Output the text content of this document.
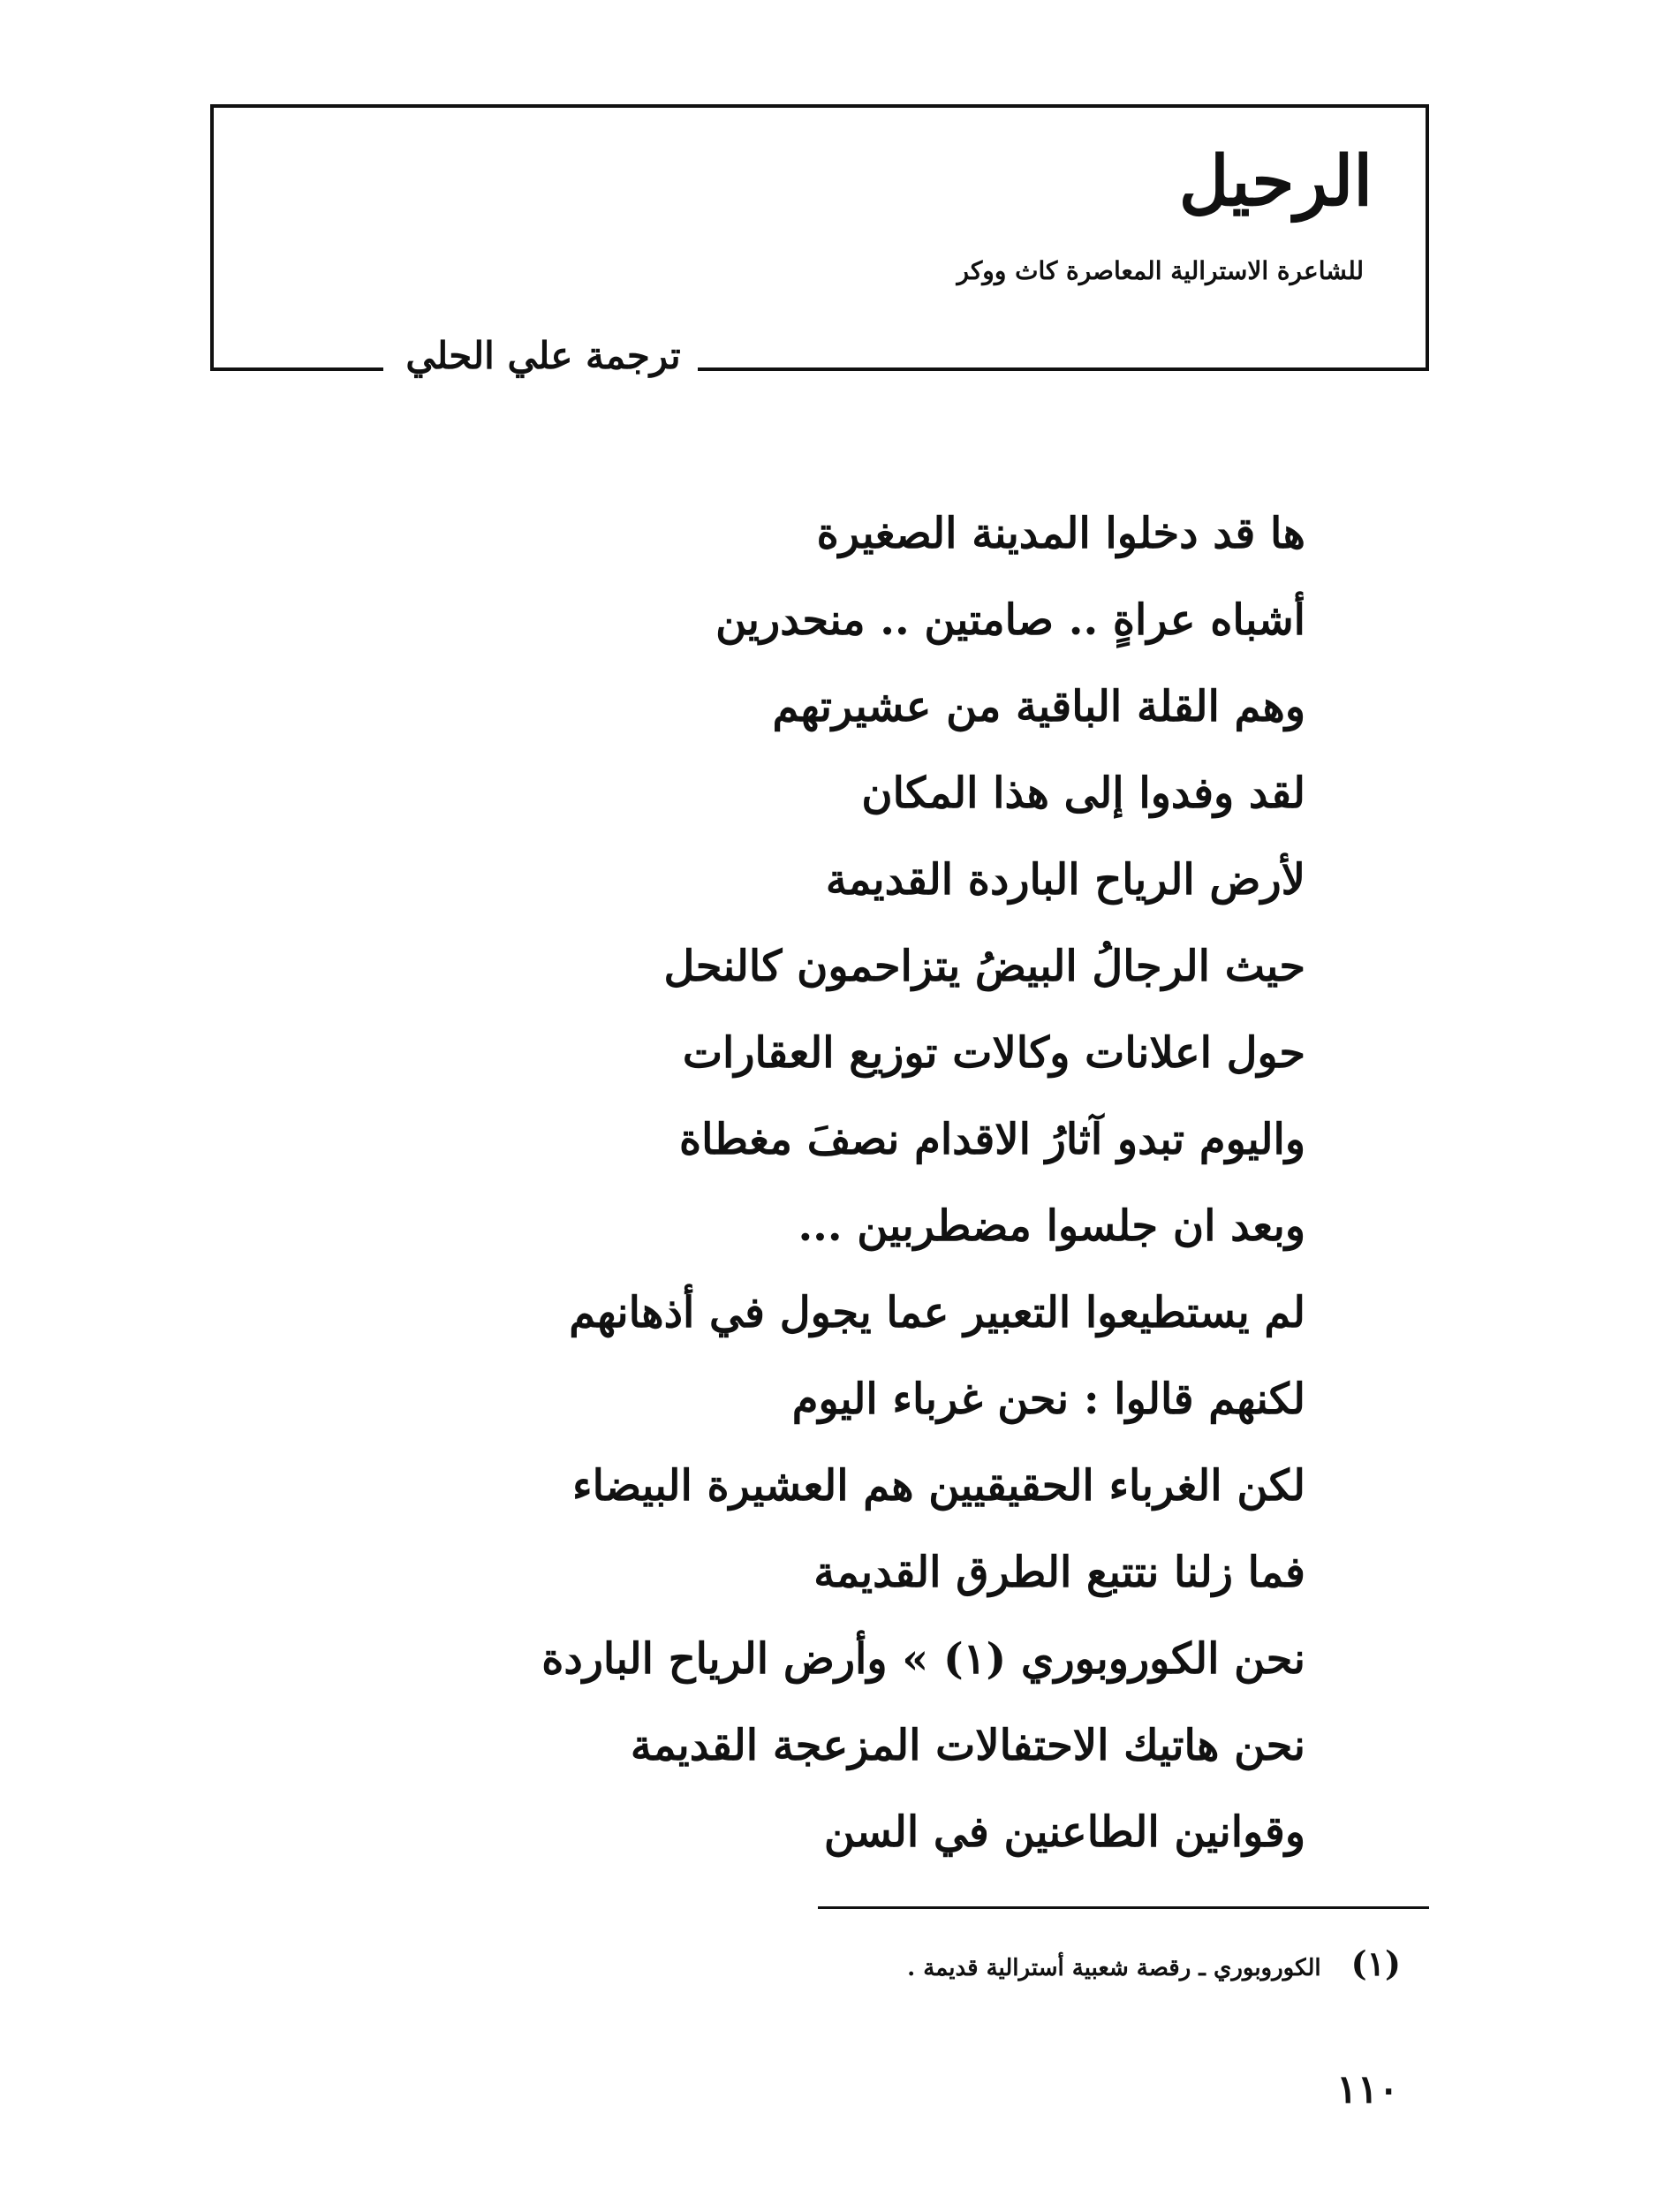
الرحيل
للشاعرة الاسترالية المعاصرة كاث ووكر
ترجمة علي الحلي
ها قد دخلوا المدينة الصغيرة
أشباه عراةٍ .. صامتين .. منحدرين
وهم القلة الباقية من عشيرتهم
لقد وفدوا إلى هذا المكان
لأرض الرياح الباردة القديمة
حيث الرجالُ البيضُ يتزاحمون كالنحل
حول اعلانات وكالات توزيع العقارات
واليوم تبدو آثارُ الاقدام نصفَ مغطاة
وبعد ان جلسوا مضطربين ...
لم يستطيعوا التعبير عما يجول في أذهانهم
لكنهم قالوا : نحن غرباء اليوم
لكن الغرباء الحقيقيين هم العشيرة البيضاء
فما زلنا نتتبع الطرق القديمة
نحن الكوروبوري (١) » وأرض الرياح الباردة
نحن هاتيك الاحتفالات المزعجة القديمة
وقوانين الطاعنين في السن
(١)الكوروبوري ـ رقصة شعبية أسترالية قديمة .
١١٠
